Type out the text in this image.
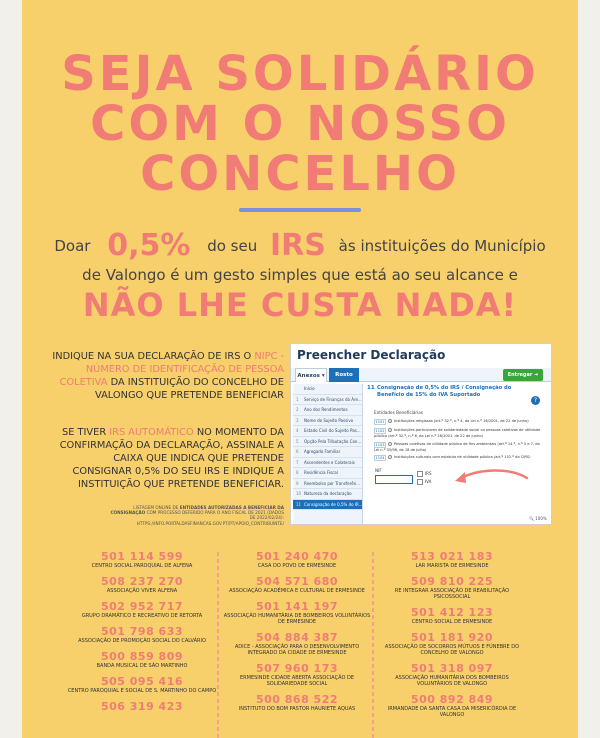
SEJA SOLIDÁRIO
COM O NOSSO
CONCELHO
Doar 0,5% do seu IRS às instituições do Município
de Valongo é um gesto simples que está ao seu alcance e
NÃO LHE CUSTA NADA!
INDIQUE NA SUA DECLARAÇÃO DE IRS O NIPC - NÚMERO DE IDENTIFICAÇÃO DE PESSOA COLETIVA DA INSTITUIÇÃO DO CONCELHO DE VALONGO QUE PRETENDE BENEFICIAR
SE TIVER IRS AUTOMÁTICO NO MOMENTO DA CONFIRMAÇÃO DA DECLARAÇÃO, ASSINALE A CAIXA QUE INDICA QUE PRETENDE CONSIGNAR 0,5% DO SEU IRS E INDIQUE A INSTITUIÇÃO QUE PRETENDE BENEFICIAR.
LISTAGEM ONLINE DE ENTIDADES AUTORIZADAS A BENEFICIAR DA CONSIGNAÇÃO COM PROCESSO DEFERIDO PARA O ANO FISCAL DE 2021 (DADOS DE 2022/02/24):
HTTPS://INFO.PORTALDASFINANCAS.GOV.PT/PT/APOIO_CONTRIBUINTE/
Preencher Declaração
Anexos ▾	Rosto	Entregar ➔
Início
1 Serviço de Finanças da Áre...
2 Ano dos Rendimentos
3 Nome do Sujeito Passivo
4 Estado Civil do Sujeito Pas...
5 Opção Pela Tributação Con...
6 Agregado Familiar
7 Ascendentes e Colaterais
8 Residência Fiscal
9 Reembolso por Transferên...
10 Natureza da declaração
11 Consignação de 0,5% do IR...
11 Consignação de 0,5% do IRS / Consignação do Benefício de 15% do IVA Suportado
?
Entidades Beneficiárias
1101	Instituições religiosas (art.º 32.º, n.º 4, da Lei n.º 16/2001, de 22 de junho)
1102	Instituições particulares de solidariedade social ou pessoas coletivas de utilidade pública (art.º 32.º, n.º 6, da Lei n.º 16/2001, de 22 de junho)
1103	Pessoas coletivas de utilidade pública de fins ambientais (art.º 14.º, n.º 5 e 7, da Lei n.º 35/98, de 18 de julho)
1104	Instituições culturais com estatuto de utilidade pública (art.º 152.º do CIRS)
NIF
IRS
IVA
🔍 100%
501 114 599
CENTRO SOCIAL PAROQUIAL DE ALFENA
508 237 270
ASSOCIAÇÃO VIVER ALFENA
502 952 717
GRUPO DRAMÁTICO E RECREATIVO DE RETORTA
501 798 633
ASSOCIAÇÃO DE PROMOÇÃO SOCIAL DO CALVÁRIO
500 859 809
BANDA MUSICAL DE SÃO MARTINHO
505 095 416
CENTRO PAROQUIAL E SOCIAL DE S. MARTINHO DO CAMPO
506 319 423
501 240 470
CASA DO POVO DE ERMESINDE
504 571 680
ASSOCIAÇÃO ACADÉMICA E CULTURAL DE ERMESINDE
501 141 197
ASSOCIAÇÃO HUMANITÁRIA DE BOMBEIROS VOLUNTÁRIOS DE ERMESINDE
504 884 387
ADICE - ASSOCIAÇÃO PARA O DESENVOLVIMENTO INTEGRADO DA CIDADE DE ERMESINDE
507 960 173
ERMESINDE CIDADE ABERTA ASSOCIAÇÃO DE SOLIDARIEDADE SOCIAL
500 868 522
INSTITUTO DO BOM PASTOR HAURIETE AQUAS
513 021 183
LAR MARISTA DE ERMESINDE
509 810 225
RE INTEGRAR ASSOCIAÇÃO DE REABILITAÇÃO PSICOSSOCIAL
501 412 123
CENTRO SOCIAL DE ERMESINDE
501 181 920
ASSOCIAÇÃO DE SOCORROS MÚTUOS E FÚNEBRE DO CONCELHO DE VALONGO
501 318 097
ASSOCIAÇÃO HUMANITÁRIA DOS BOMBEIROS VOLUNTÁRIOS DE VALONGO
500 892 849
IRMANDADE DA SANTA CASA DA MISERICÓRDIA DE VALONGO
